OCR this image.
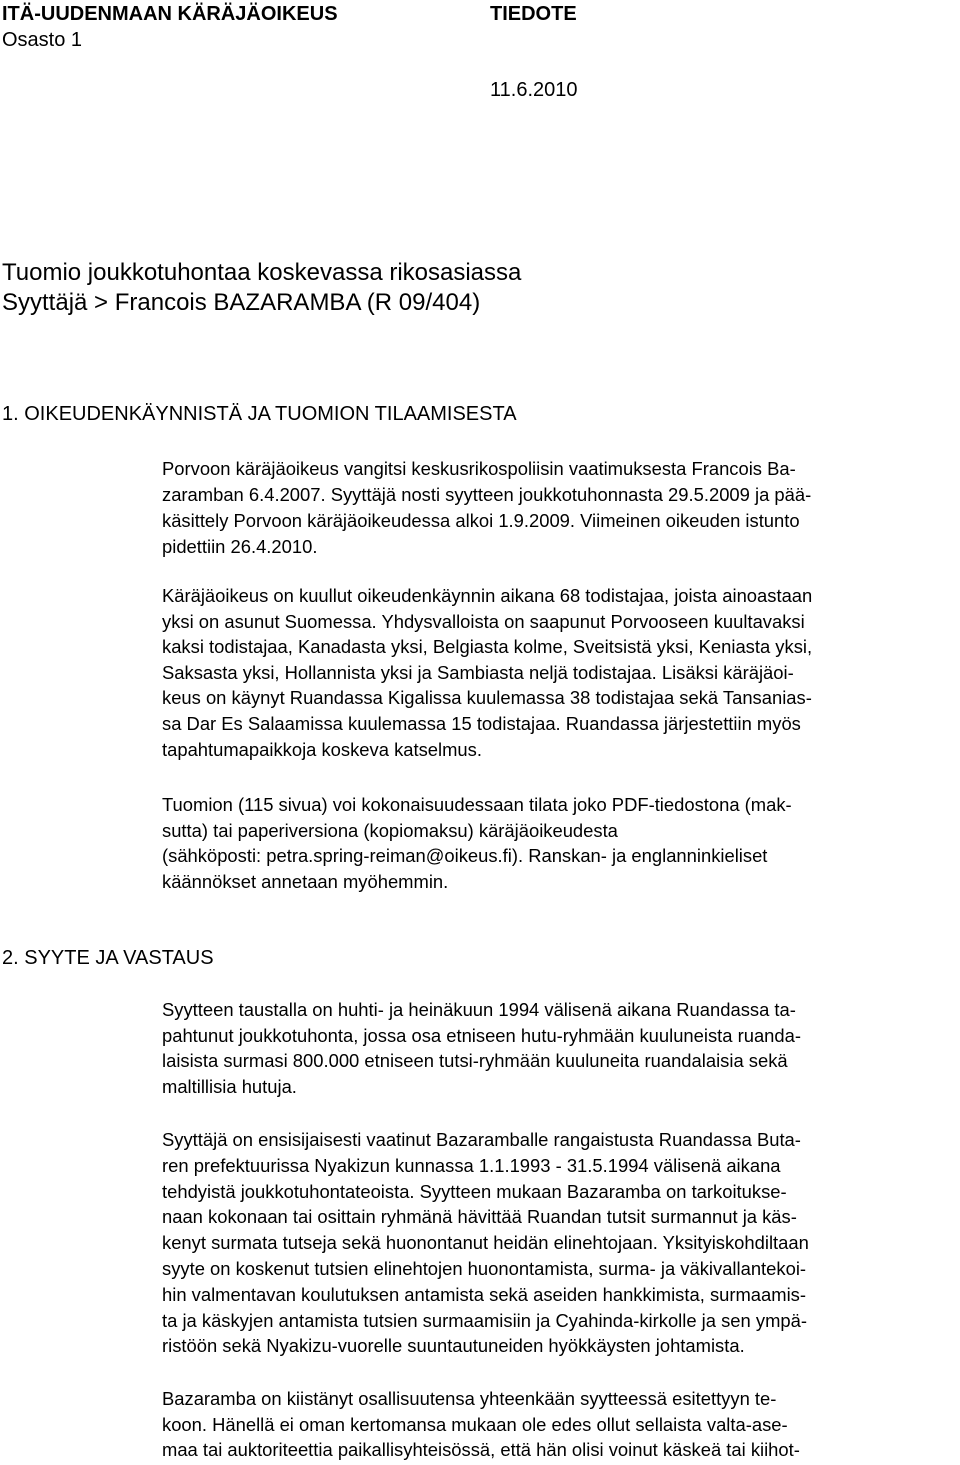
ITÄ-UUDENMAAN KÄRÄJÄOIKEUS
Osasto 1
TIEDOTE
11.6.2010
Tuomio joukkotuhontaa koskevassa rikosasiassa
Syyttäjä > Francois BAZARAMBA (R 09/404)
1. OIKEUDENKÄYNNISTÄ JA TUOMION TILAAMISESTA
Porvoon käräjäoikeus vangitsi keskusrikospoliisin vaatimuksesta Francois Ba-
zaramban 6.4.2007. Syyttäjä nosti syytteen joukkotuhonnasta 29.5.2009 ja pää-
käsittely Porvoon käräjäoikeudessa alkoi 1.9.2009. Viimeinen oikeuden istunto
pidettiin 26.4.2010.
Käräjäoikeus on kuullut oikeudenkäynnin aikana 68 todistajaa, joista ainoastaan
yksi on asunut Suomessa. Yhdysvalloista on saapunut Porvooseen kuultavaksi
kaksi todistajaa, Kanadasta yksi, Belgiasta kolme, Sveitsistä yksi, Keniasta yksi,
Saksasta yksi, Hollannista yksi ja Sambiasta neljä todistajaa. Lisäksi käräjäoi-
keus on käynyt Ruandassa Kigalissa kuulemassa 38 todistajaa sekä Tansanias-
sa Dar Es Salaamissa kuulemassa 15 todistajaa. Ruandassa järjestettiin myös
tapahtumapaikkoja koskeva katselmus.
Tuomion (115 sivua) voi kokonaisuudessaan tilata joko PDF-tiedostona (mak-
sutta) tai paperiversiona (kopiomaksu) käräjäoikeudesta
(sähköposti: petra.spring-reiman@oikeus.fi). Ranskan- ja englanninkieliset
käännökset annetaan myöhemmin.
2. SYYTE JA VASTAUS
Syytteen taustalla on huhti- ja heinäkuun 1994 välisenä aikana Ruandassa ta-
pahtunut joukkotuhonta, jossa osa etniseen hutu-ryhmään kuuluneista ruanda-
laisista surmasi 800.000 etniseen tutsi-ryhmään kuuluneita ruandalaisia sekä
maltillisia hutuja.
Syyttäjä on ensisijaisesti vaatinut Bazaramballe rangaistusta Ruandassa Buta-
ren prefektuurissa Nyakizun kunnassa 1.1.1993 - 31.5.1994 välisenä aikana
tehdyistä joukkotuhontateoista. Syytteen mukaan Bazaramba on tarkoitukse-
naan kokonaan tai osittain ryhmänä hävittää Ruandan tutsit surmannut ja käs-
kenyt surmata tutseja sekä huonontanut heidän elinehtojaan. Yksityiskohdiltaan
syyte on koskenut tutsien elinehtojen huonontamista, surma- ja väkivallantekoi-
hin valmentavan koulutuksen antamista sekä aseiden hankkimista, surmaamis-
ta ja käskyjen antamista tutsien surmaamisiin ja Cyahinda-kirkolle ja sen ympä-
ristöön sekä Nyakizu-vuorelle suuntautuneiden hyökkäysten johtamista.
Bazaramba on kiistänyt osallisuutensa yhteenkään syytteessä esitettyyn te-
koon. Hänellä ei oman kertomansa mukaan ole edes ollut sellaista valta-ase-
maa tai auktoriteettia paikallisyhteisössä, että hän olisi voinut käskeä tai kiihot-
